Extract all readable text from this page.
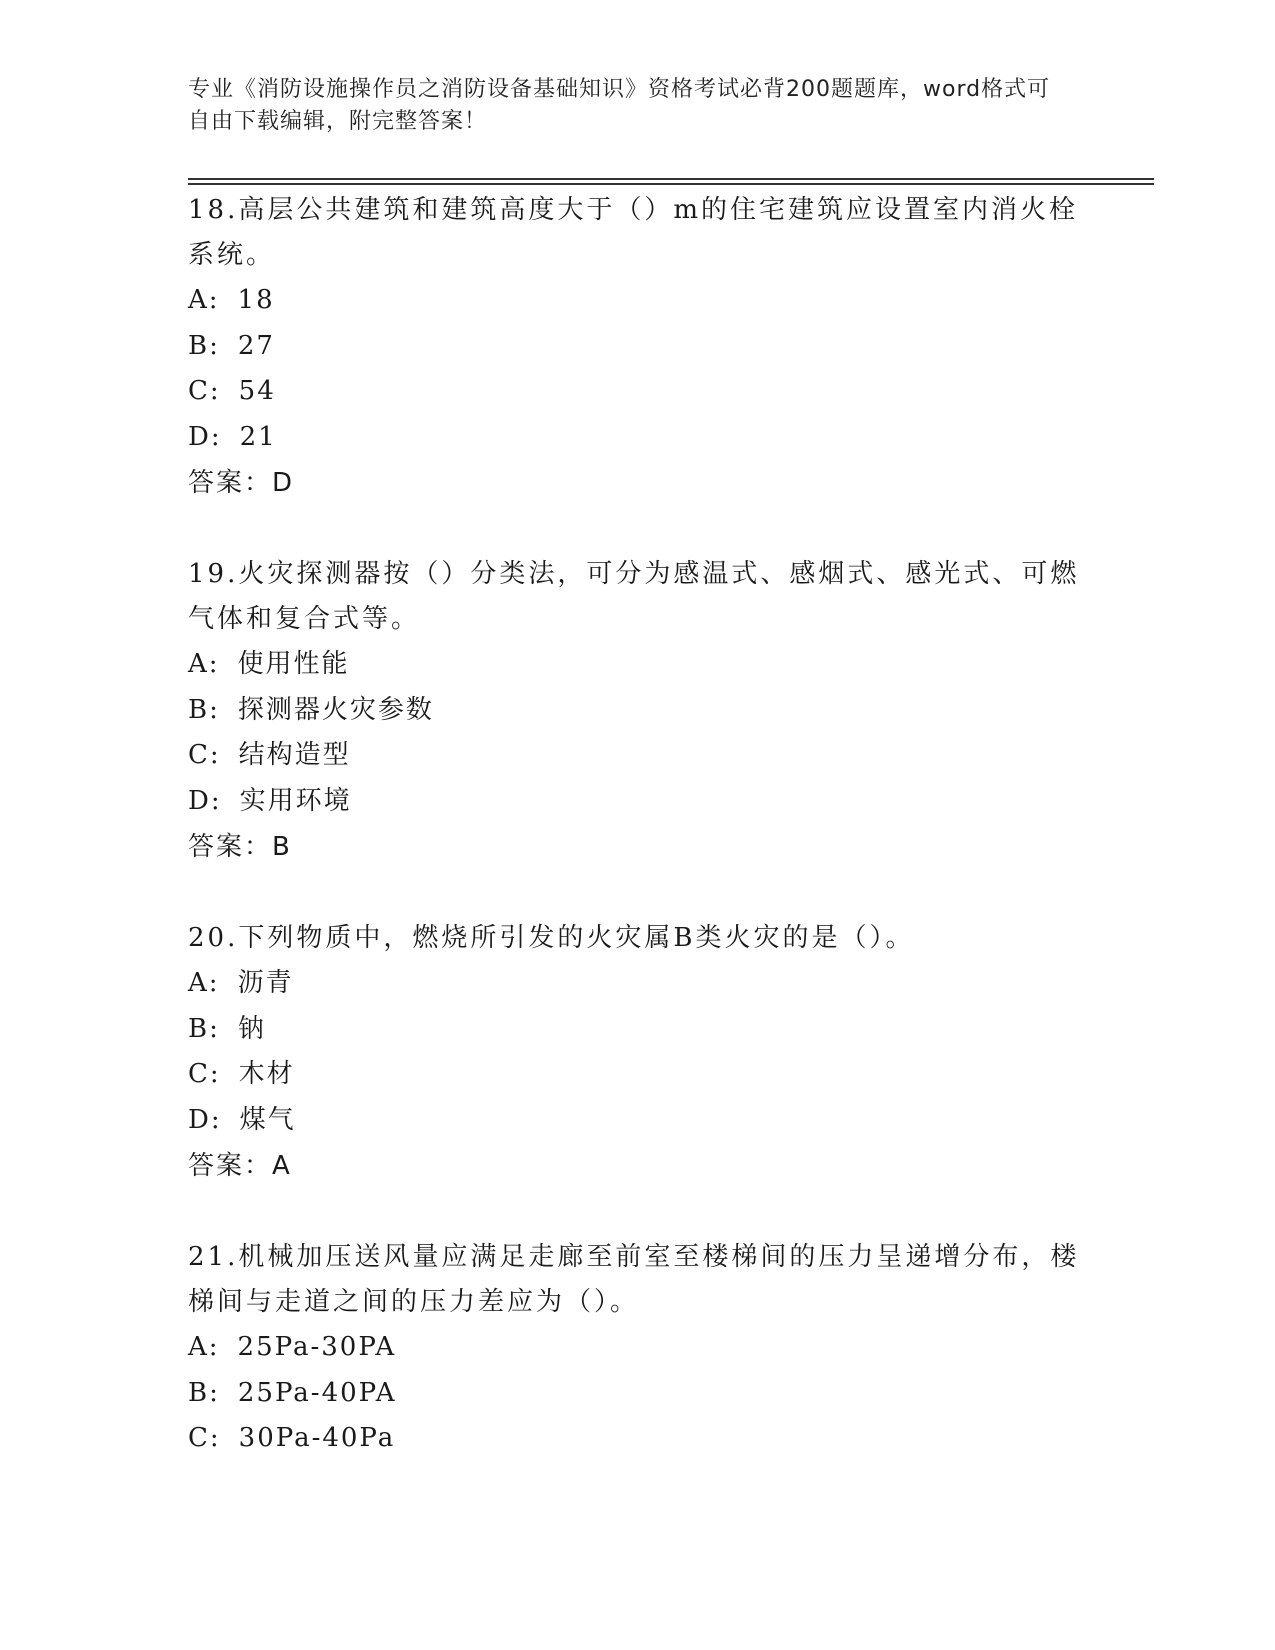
专业《消防设施操作员之消防设备基础知识》资格考试必背200题题库，word格式可自由下载编辑，附完整答案！

18.高层公共建筑和建筑高度大于（）m的住宅建筑应设置室内消火栓系统。

A: 18

B: 27

C: 54

D: 21

答案：D

19.火灾探测器按（）分类法，可分为感温式、感烟式、感光式、可燃气体和复合式等。

A: 使用性能

B: 探测器火灾参数

C: 结构造型

D: 实用环境

答案：B

20.下列物质中，燃烧所引发的火灾属B类火灾的是（）。

A: 沥青

B: 钠

C: 木材

D: 煤气

答案：A

21.机械加压送风量应满足走廊至前室至楼梯间的压力呈递增分布，楼梯间与走道之间的压力差应为（）。

A: 25Pa-30PA

B: 25Pa-40PA

C: 30Pa-40Pa
